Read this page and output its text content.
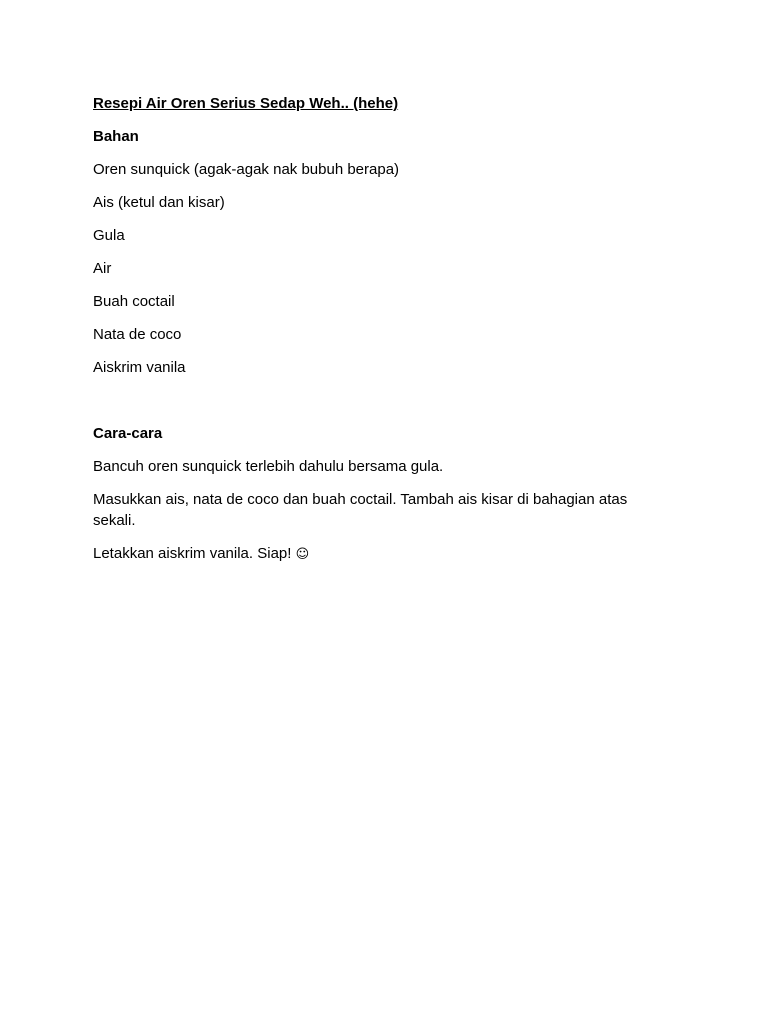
Resepi Air Oren Serius Sedap Weh.. (hehe)
Bahan
Oren sunquick (agak-agak nak bubuh berapa)
Ais (ketul dan kisar)
Gula
Air
Buah coctail
Nata de coco
Aiskrim vanila
Cara-cara
Bancuh oren sunquick terlebih dahulu bersama gula.
Masukkan ais, nata de coco dan buah coctail. Tambah ais kisar di bahagian atas sekali.
Letakkan aiskrim vanila. Siap! ☺
